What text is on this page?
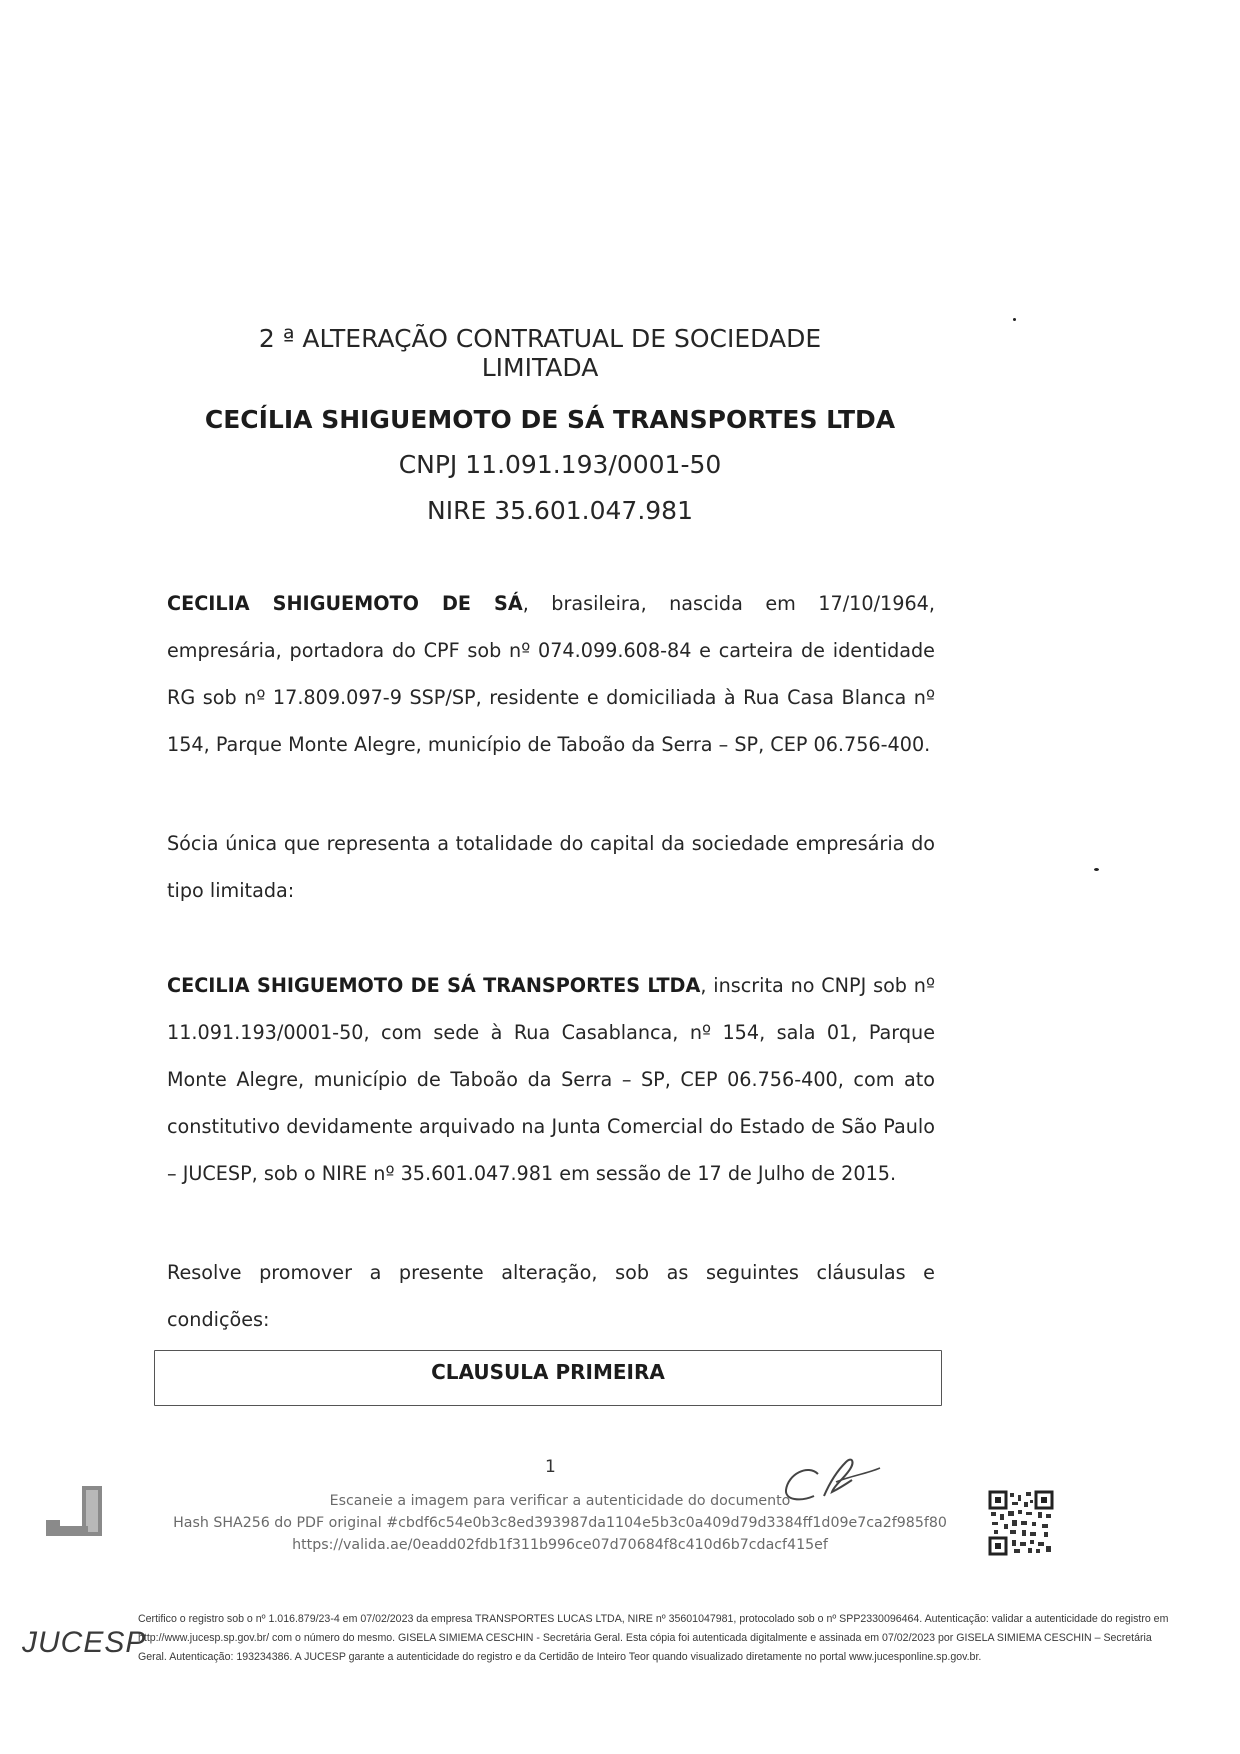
2 ª ALTERAÇÃO CONTRATUAL DE SOCIEDADE LIMITADA
CECÍLIA SHIGUEMOTO DE SÁ TRANSPORTES LTDA
CNPJ 11.091.193/0001-50
NIRE 35.601.047.981
CECILIA SHIGUEMOTO DE SÁ, brasileira, nascida em 17/10/1964, empresária, portadora do CPF sob nº 074.099.608-84 e carteira de identidade RG sob nº 17.809.097-9 SSP/SP, residente e domiciliada à Rua Casa Blanca nº 154, Parque Monte Alegre, município de Taboão da Serra – SP, CEP 06.756-400.
Sócia única que representa a totalidade do capital da sociedade empresária do tipo limitada:
CECILIA SHIGUEMOTO DE SÁ TRANSPORTES LTDA, inscrita no CNPJ sob nº 11.091.193/0001-50, com sede à Rua Casablanca, nº 154, sala 01, Parque Monte Alegre, município de Taboão da Serra – SP, CEP 06.756-400, com ato constitutivo devidamente arquivado na Junta Comercial do Estado de São Paulo – JUCESP, sob o NIRE nº 35.601.047.981 em sessão de 17 de Julho de 2015.
Resolve promover a presente alteração, sob as seguintes cláusulas e condições:
CLAUSULA PRIMEIRA
1
Escaneie a imagem para verificar a autenticidade do documento
Hash SHA256 do PDF original #cbdf6c54e0b3c8ed393987da1104e5b3c0a409d79d3384ff1d09e7ca2f985f80
https://valida.ae/0eadd02fdb1f311b996ce07d70684f8c410d6b7cdacf415ef
Certifico o registro sob o nº 1.016.879/23-4 em 07/02/2023 da empresa TRANSPORTES LUCAS LTDA, NIRE nº 35601047981, protocolado sob o nº SPP2330096464. Autenticação: validar a autenticidade do registro em http://www.jucesp.sp.gov.br/ com o número do mesmo. GISELA SIMIEMA CESCHIN - Secretária Geral. Esta cópia foi autenticada digitalmente e assinada em 07/02/2023 por GISELA SIMIEMA CESCHIN – Secretária Geral. Autenticação: 193234386. A JUCESP garante a autenticidade do registro e da Certidão de Inteiro Teor quando visualizado diretamente no portal www.jucesponline.sp.gov.br.
JUCESP
